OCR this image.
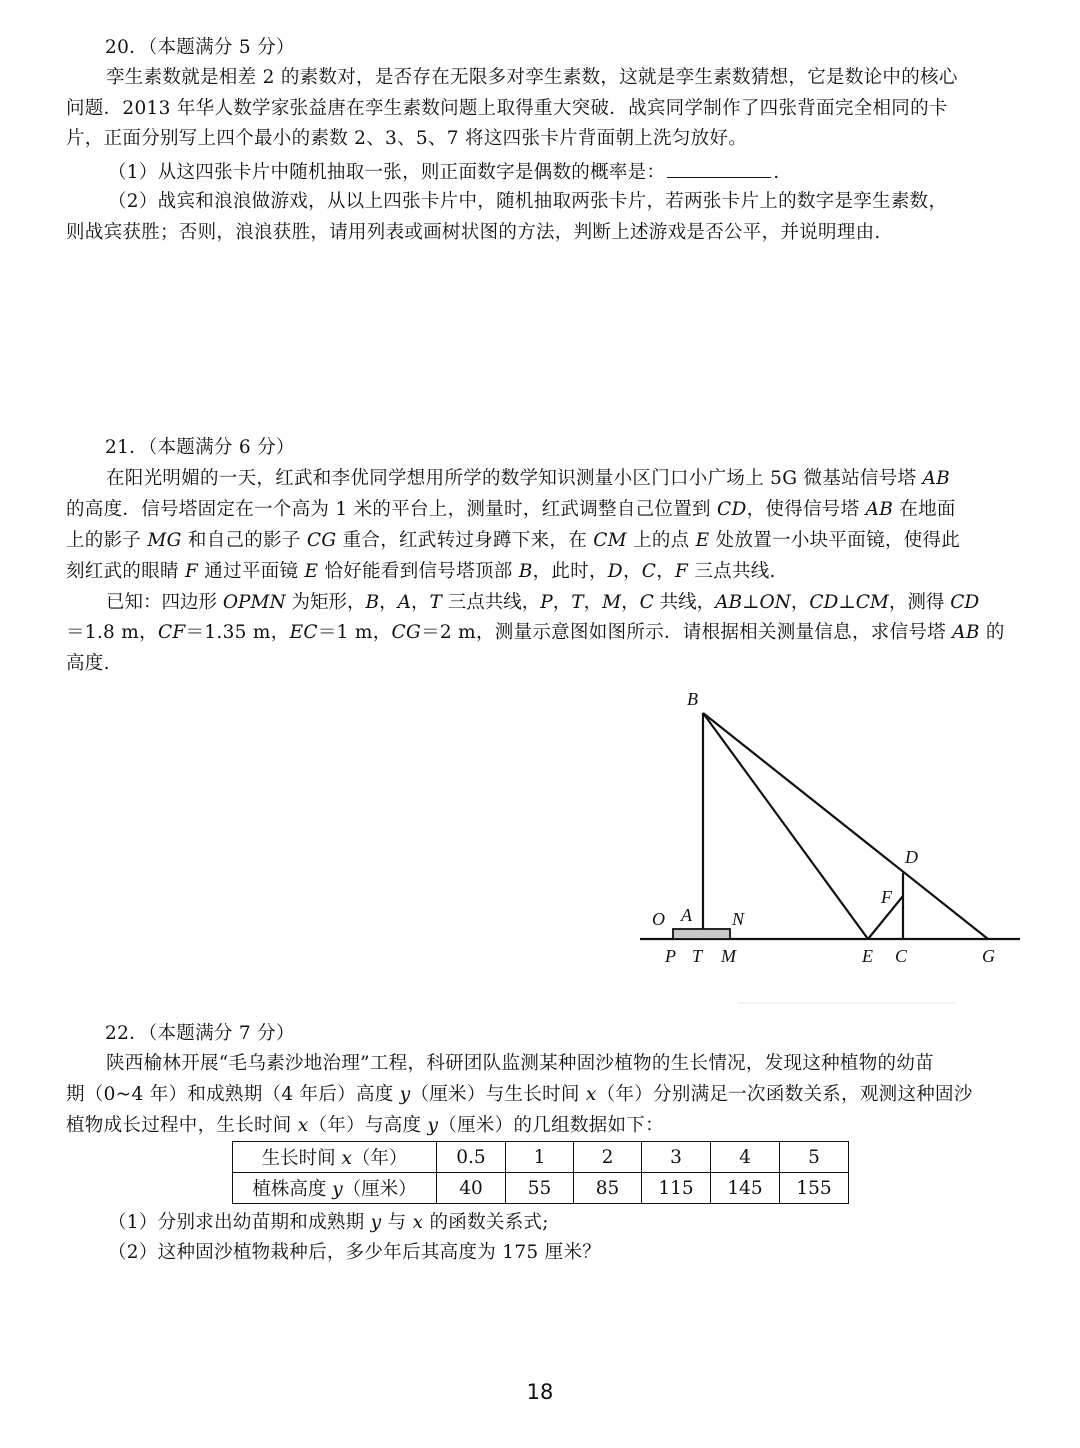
20．（本题满分 5 分）
孪生素数就是相差 2 的素数对，是否存在无限多对孪生素数，这就是孪生素数猜想，它是数论中的核心
问题．2013 年华人数学家张益唐在孪生素数问题上取得重大突破．战宾同学制作了四张背面完全相同的卡
片，正面分别写上四个最小的素数 2、3、5、7 将这四张卡片背面朝上洗匀放好。
（1）从这四张卡片中随机抽取一张，则正面数字是偶数的概率是：	.
（2）战宾和浪浪做游戏，从以上四张卡片中，随机抽取两张卡片，若两张卡片上的数字是孪生素数，
则战宾获胜；否则，浪浪获胜，请用列表或画树状图的方法，判断上述游戏是否公平，并说明理由.
21．（本题满分 6 分）
在阳光明媚的一天，红武和李优同学想用所学的数学知识测量小区门口小广场上 5G 微基站信号塔 AB
的高度．信号塔固定在一个高为 1 米的平台上，测量时，红武调整自己位置到 CD，使得信号塔 AB 在地面
上的影子 MG 和自己的影子 CG 重合，红武转过身蹲下来，在 CM 上的点 E 处放置一小块平面镜，使得此
刻红武的眼睛 F 通过平面镜 E 恰好能看到信号塔顶部 B，此时，D，C，F 三点共线.
已知：四边形 OPMN 为矩形，B，A，T 三点共线，P，T，M，C 共线，AB⊥ON，CD⊥CM，测得 CD
＝1.8 m，CF＝1.35 m，EC＝1 m，CG＝2 m，测量示意图如图所示．请根据相关测量信息，求信号塔 AB 的
高度.
B
D
F
O A N
P T M	E C	G
22．（本题满分 7 分）
陕西榆林开展“毛乌素沙地治理”工程，科研团队监测某种固沙植物的生长情况，发现这种植物的幼苗
期（0~4 年）和成熟期（4 年后）高度 y（厘米）与生长时间 x（年）分别满足一次函数关系，观测这种固沙
植物成长过程中，生长时间 x（年）与高度 y（厘米）的几组数据如下：
生长时间 x（年）	0.5	1	2	3	4	5
植株高度 y（厘米）	40	55	85	115	145	155
（1）分别求出幼苗期和成熟期 y 与 x 的函数关系式;
（2）这种固沙植物栽种后，多少年后其高度为 175 厘米？
18
